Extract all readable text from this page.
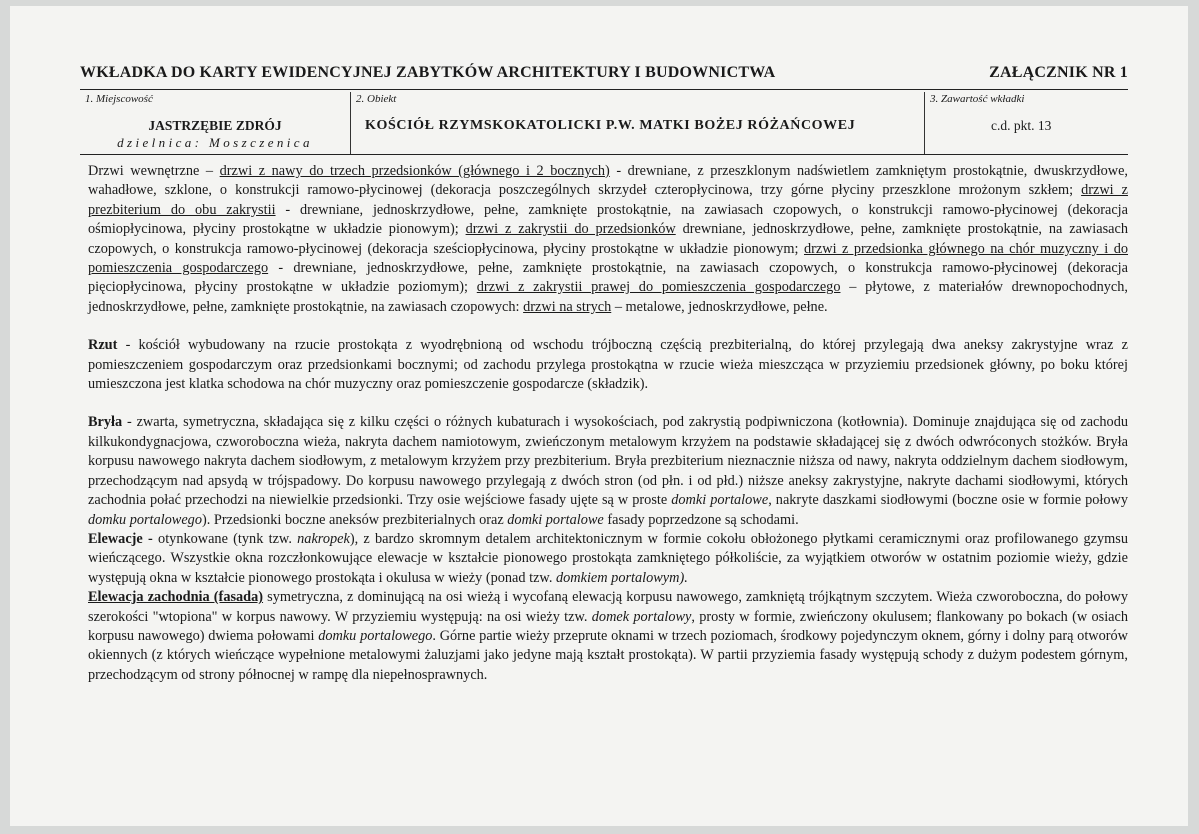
WKŁADKA DO KARTY EWIDENCYJNEJ ZABYTKÓW ARCHITEKTURY I BUDOWNICTWA	ZAŁĄCZNIK NR 1
1. Miejscowość
JASTRZĘBIE ZDRÓJ
dzielnica: Moszczenica
2. Obiekt
KOŚCIÓŁ RZYMSKOKATOLICKI P.W. MATKI BOŻEJ RÓŻAŃCOWEJ
3. Zawartość wkładki
c.d. pkt. 13

Drzwi wewnętrzne – drzwi z nawy do trzech przedsionków (głównego i 2 bocznych) - drewniane, z przeszklonym nadświetlem zamkniętym prostokątnie, dwuskrzydłowe, wahadłowe, szklone, o konstrukcji ramowo-płycinowej (dekoracja poszczególnych skrzydeł czteropłycinowa, trzy górne płyciny przeszklone mrożonym szkłem; drzwi z prezbiterium do obu zakrystii - drewniane, jednoskrzydłowe, pełne, zamknięte prostokątnie, na zawiasach czopowych, o konstrukcji ramowo-płycinowej (dekoracja ośmiopłycinowa, płyciny prostokątne w układzie pionowym); drzwi z zakrystii do przedsionków drewniane, jednoskrzydłowe, pełne, zamknięte prostokątnie, na zawiasach czopowych, o konstrukcja ramowo-płycinowej (dekoracja sześciopłycinowa, płyciny prostokątne w układzie pionowym; drzwi z przedsionka głównego na chór muzyczny i do pomieszczenia gospodarczego - drewniane, jednoskrzydłowe, pełne, zamknięte prostokątnie, na zawiasach czopowych, o konstrukcja ramowo-płycinowej (dekoracja pięciopłycinowa, płyciny prostokątne w układzie poziomym); drzwi z zakrystii prawej do pomieszczenia gospodarczego – płytowe, z materiałów drewnopochodnych, jednoskrzydłowe, pełne, zamknięte prostokątnie, na zawiasach czopowych: drzwi na strych – metalowe, jednoskrzydłowe, pełne.

Rzut - kościół wybudowany na rzucie prostokąta z wyodrębnioną od wschodu trójboczną częścią prezbiterialną, do której przylegają dwa aneksy zakrystyjne wraz z pomieszczeniem gospodarczym oraz przedsionkami bocznymi; od zachodu przylega prostokątna w rzucie wieża mieszcząca w przyziemiu przedsionek główny, po boku której umieszczona jest klatka schodowa na chór muzyczny oraz pomieszczenie gospodarcze (składzik).

Bryła - zwarta, symetryczna, składająca się z kilku części o różnych kubaturach i wysokościach, pod zakrystią podpiwniczona (kotłownia). Dominuje znajdująca się od zachodu kilkukondygnacjowa, czworoboczna wieża, nakryta dachem namiotowym, zwieńczonym metalowym krzyżem na podstawie składającej się z dwóch odwróconych stożków. Bryła korpusu nawowego nakryta dachem siodłowym, z metalowym krzyżem przy prezbiterium. Bryła prezbiterium nieznacznie niższa od nawy, nakryta oddzielnym dachem siodłowym, przechodzącym nad apsydą w trójspadowy. Do korpusu nawowego przylegają z dwóch stron (od płn. i od płd.) niższe aneksy zakrystyjne, nakryte dachami siodłowymi, których zachodnia połać przechodzi na niewielkie przedsionki. Trzy osie wejściowe fasady ujęte są w proste domki portalowe, nakryte daszkami siodłowymi (boczne osie w formie połowy domku portalowego). Przedsionki boczne aneksów prezbiterialnych oraz domki portalowe fasady poprzedzone są schodami.

Elewacje - otynkowane (tynk tzw. nakropek), z bardzo skromnym detalem architektonicznym w formie cokołu obłożonego płytkami ceramicznymi oraz profilowanego gzymsu wieńczącego. Wszystkie okna rozczłonkowujące elewacje w kształcie pionowego prostokąta zamkniętego półkoliście, za wyjątkiem otworów w ostatnim poziomie wieży, gdzie występują okna w kształcie pionowego prostokąta i okulusa w wieży (ponad tzw. domkiem portalowym).

Elewacja zachodnia (fasada) symetryczna, z dominującą na osi wieżą i wycofaną elewacją korpusu nawowego, zamkniętą trójkątnym szczytem. Wieża czworoboczna, do połowy szerokości "wtopiona" w korpus nawowy. W przyziemiu występują: na osi wieży tzw. domek portalowy, prosty w formie, zwieńczony okulusem; flankowany po bokach (w osiach korpusu nawowego) dwiema połowami domku portalowego. Górne partie wieży przeprute oknami w trzech poziomach, środkowy pojedynczym oknem, górny i dolny parą otworów okiennych (z których wieńczące wypełnione metalowymi żaluzjami jako jedyne mają kształt prostokąta). W partii przyziemia fasady występują schody z dużym podestem górnym, przechodzącym od strony północnej w rampę dla niepełnosprawnych.
